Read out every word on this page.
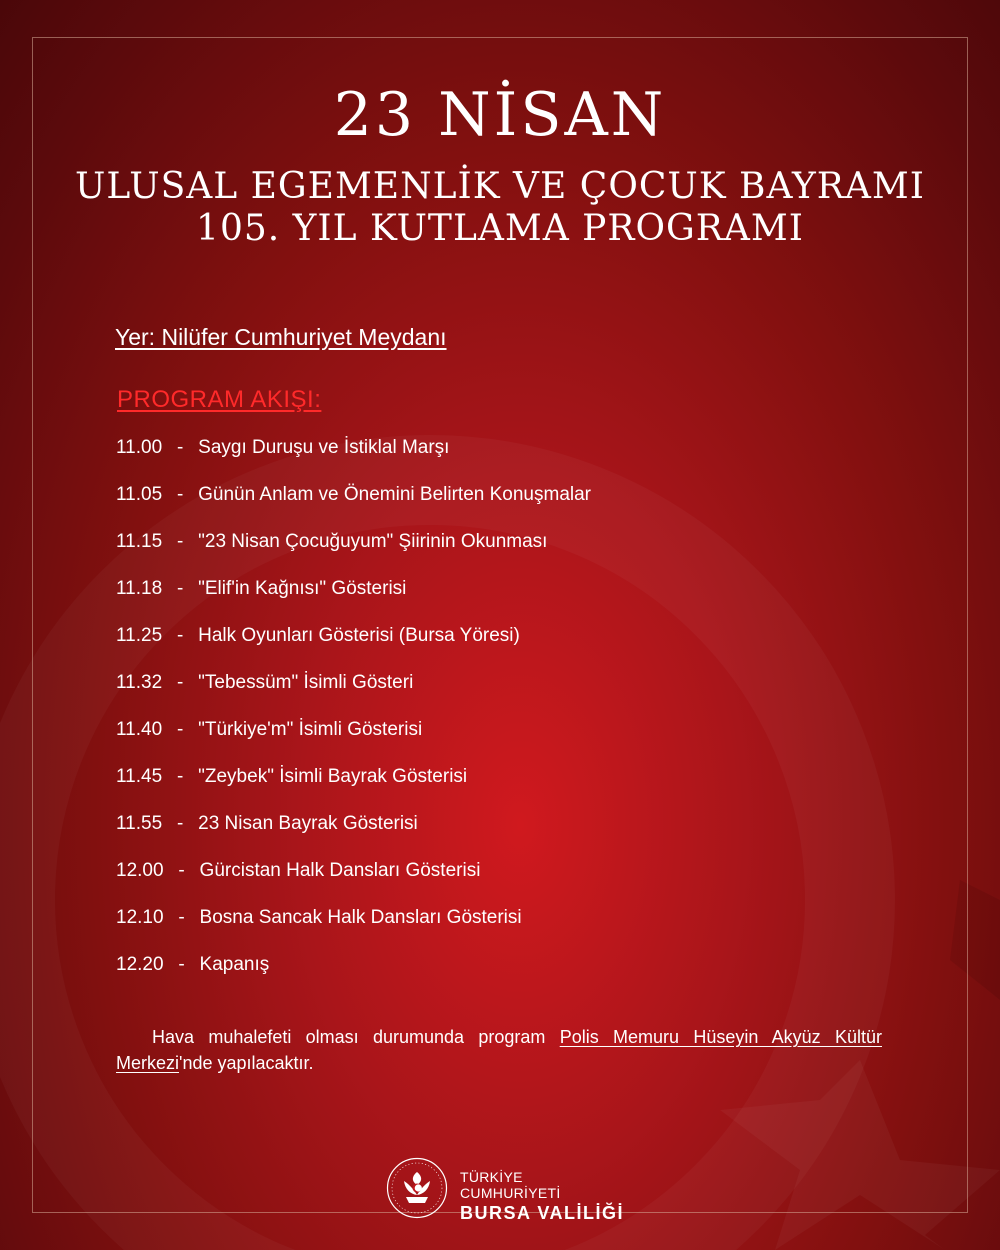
23 NİSAN
ULUSAL EGEMENLİK VE ÇOCUK BAYRAMI
105. YIL KUTLAMA PROGRAMI
Yer: Nilüfer Cumhuriyet Meydanı
PROGRAM AKIŞI:
11.00 - Saygı Duruşu ve İstiklal Marşı
11.05 - Günün Anlam ve Önemini Belirten Konuşmalar
11.15 - "23 Nisan Çocuğuyum" Şiirinin Okunması
11.18 - "Elif'in Kağnısı" Gösterisi
11.25 - Halk Oyunları Gösterisi (Bursa Yöresi)
11.32 - "Tebessüm" İsimli Gösteri
11.40 - "Türkiye'm" İsimli Gösterisi
11.45 - "Zeybek" İsimli Bayrak Gösterisi
11.55 - 23 Nisan Bayrak Gösterisi
12.00 - Gürcistan Halk Dansları Gösterisi
12.10 - Bosna Sancak Halk Dansları Gösterisi
12.20 - Kapanış

Hava muhalefeti olması durumunda program Polis Memuru Hüseyin Akyüz Kültür Merkezi'nde yapılacaktır.

TÜRKİYE CUMHURİYETİ
BURSA VALİLİĞİ
